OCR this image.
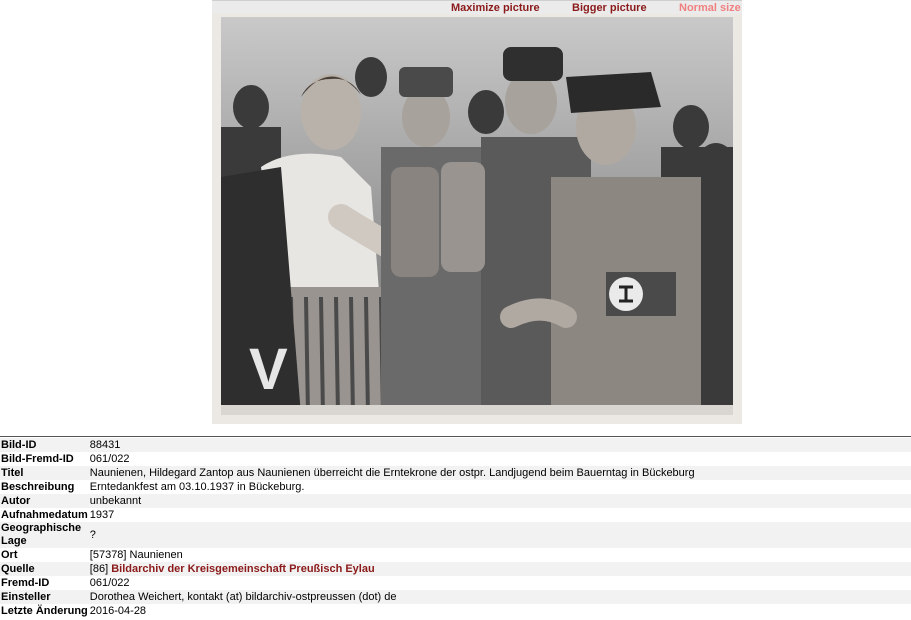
Maximize picture	Bigger picture	Normal size
V
Bild-ID	88431
Bild-Fremd-ID	061/022
Titel	Naunienen, Hildegard Zantop aus Naunienen überreicht die Erntekrone der ostpr. Landjugend beim Bauerntag in Bückeburg
Beschreibung	Erntedankfest am 03.10.1937 in Bückeburg.
Autor	unbekannt
Aufnahmedatum	1937
Geographische Lage	?
Ort	[57378] Naunienen
Quelle	[86] Bildarchiv der Kreisgemeinschaft Preußisch Eylau
Fremd-ID	061/022
Einsteller	Dorothea Weichert, kontakt (at) bildarchiv-ostpreussen (dot) de
Letzte Änderung	2016-04-28
